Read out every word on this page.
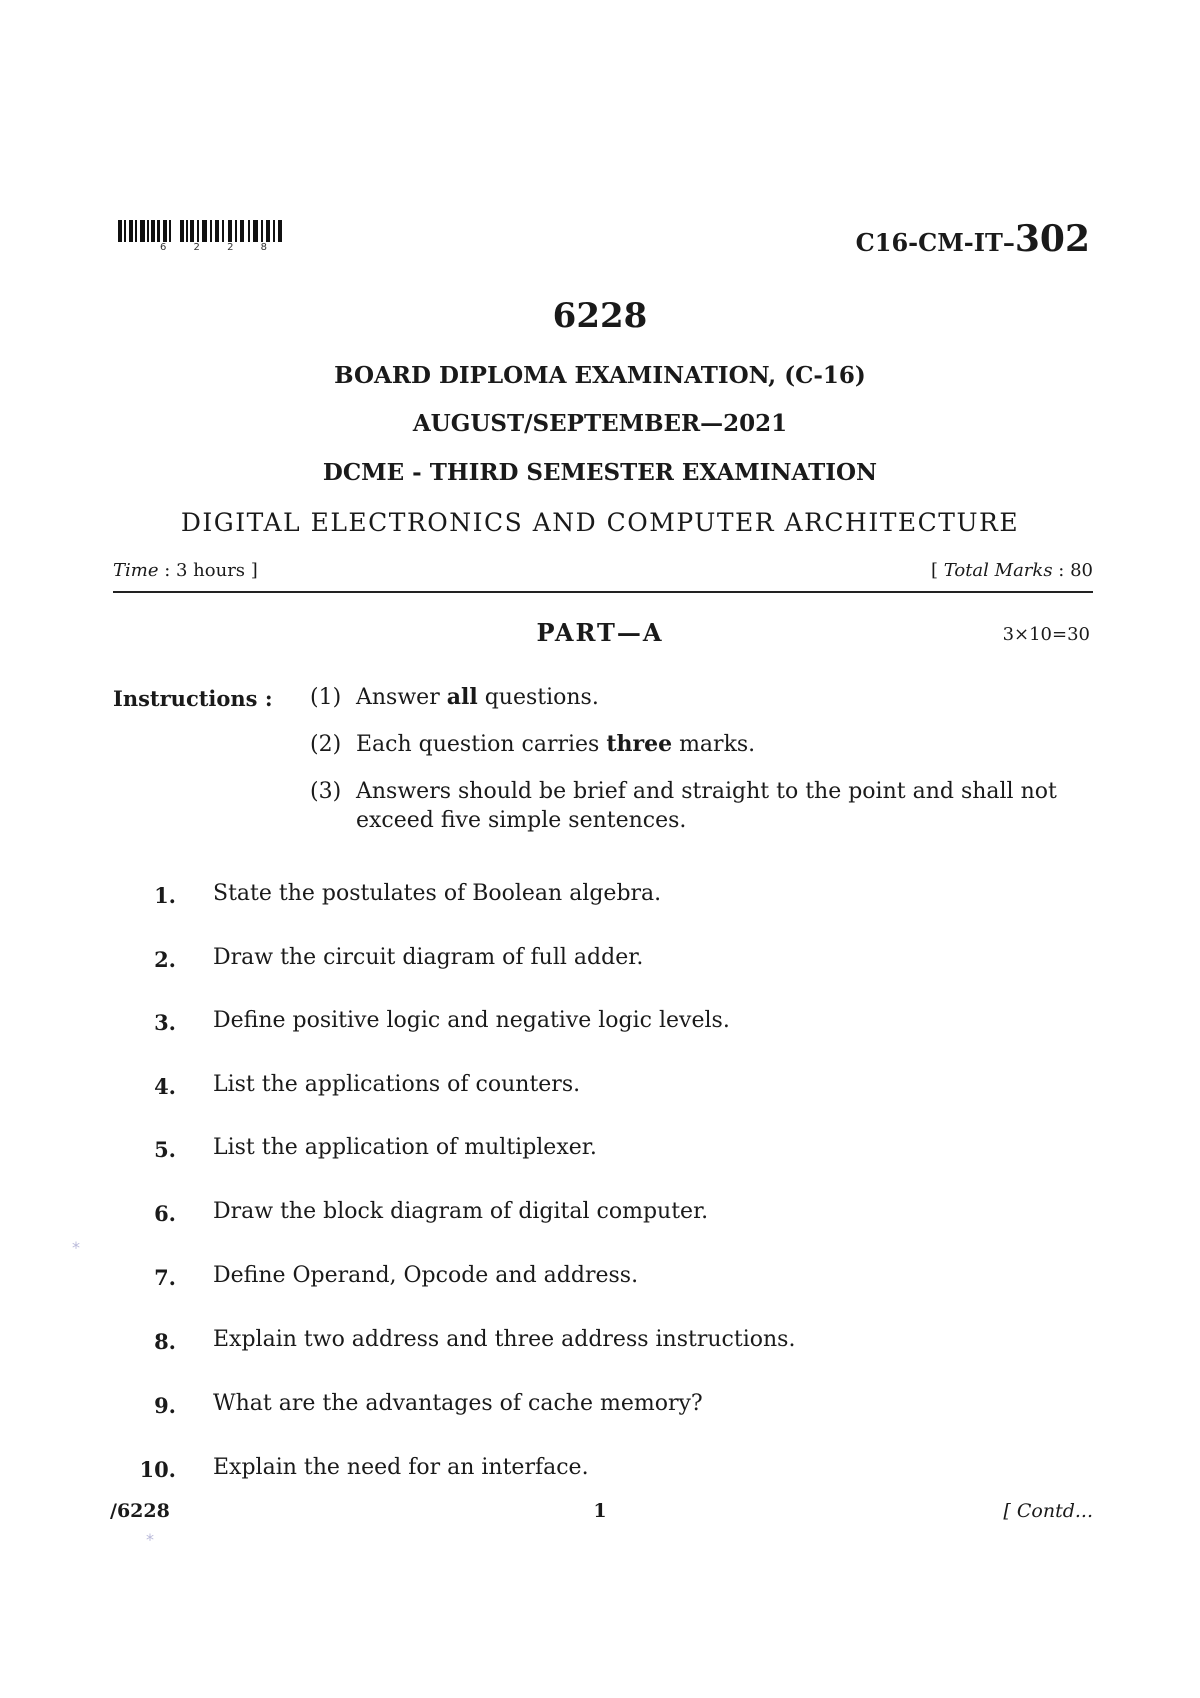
6 2 2 8	C16-CM-IT–302
6228
BOARD DIPLOMA EXAMINATION, (C-16)
AUGUST/SEPTEMBER—2021
DCME - THIRD SEMESTER EXAMINATION
DIGITAL ELECTRONICS AND COMPUTER ARCHITECTURE
Time : 3 hours ]	[ Total Marks : 80
PART—A	3×10=30
Instructions : (1) Answer all questions.
(2) Each question carries three marks.
(3) Answers should be brief and straight to the point and shall not exceed five simple sentences.
1. State the postulates of Boolean algebra.
2. Draw the circuit diagram of full adder.
3. Define positive logic and negative logic levels.
4. List the applications of counters.
5. List the application of multiplexer.
6. Draw the block diagram of digital computer.
7. Define Operand, Opcode and address.
8. Explain two address and three address instructions.
9. What are the advantages of cache memory?
10. Explain the need for an interface.
/6228	1	[ Contd...
*
*
